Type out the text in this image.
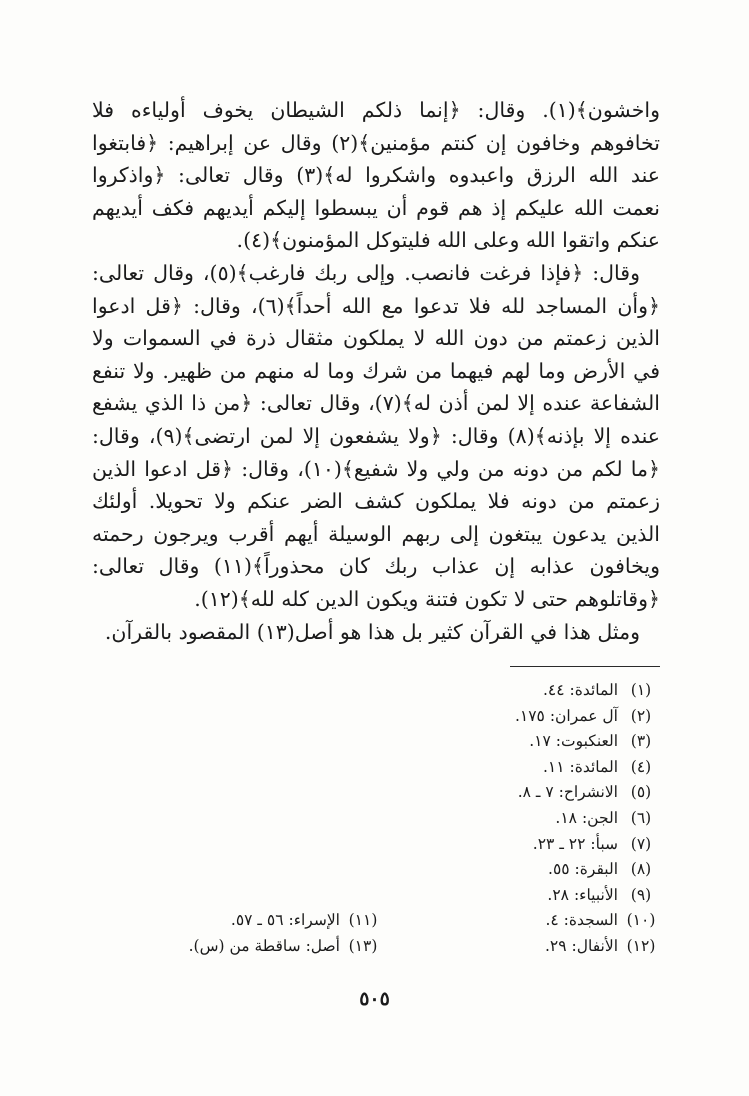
واخشون﴾(١). وقال: ﴿إنما ذلكم الشيطان يخوف أولياءه فلا تخافوهم وخافون إن كنتم مؤمنين﴾(٢) وقال عن إبراهيم: ﴿فابتغوا عند الله الرزق واعبدوه واشكروا له﴾(٣) وقال تعالى: ﴿واذكروا نعمت الله عليكم إذ هم قوم أن يبسطوا إليكم أيديهم فكف أيديهم عنكم واتقوا الله وعلى الله فليتوكل المؤمنون﴾(٤).

وقال: ﴿فإذا فرغت فانصب. وإلى ربك فارغب﴾(٥)، وقال تعالى: ﴿وأن المساجد لله فلا تدعوا مع الله أحداً﴾(٦)، وقال: ﴿قل ادعوا الذين زعمتم من دون الله لا يملكون مثقال ذرة في السموات ولا في الأرض وما لهم فيهما من شرك وما له منهم من ظهير. ولا تنفع الشفاعة عنده إلا لمن أذن له﴾(٧)، وقال تعالى: ﴿من ذا الذي يشفع عنده إلا بإذنه﴾(٨) وقال: ﴿ولا يشفعون إلا لمن ارتضى﴾(٩)، وقال: ﴿ما لكم من دونه من ولي ولا شفيع﴾(١٠)، وقال: ﴿قل ادعوا الذين زعمتم من دونه فلا يملكون كشف الضر عنكم ولا تحويلا. أولئك الذين يدعون يبتغون إلى ربهم الوسيلة أيهم أقرب ويرجون رحمته ويخافون عذابه إن عذاب ربك كان محذوراً﴾(١١) وقال تعالى: ﴿وقاتلوهم حتى لا تكون فتنة ويكون الدين كله لله﴾(١٢).

ومثل هذا في القرآن كثير بل هذا هو أصل(١٣) المقصود بالقرآن.

(١)
المائدة: ٤٤.
(٢)
آل عمران: ١٧٥.
(٣)
العنكبوت: ١٧.
(٤)
المائدة: ١١.
(٥)
الانشراح: ٧ ـ ٨.
(٦)
الجن: ١٨.
(٧)
سبأ: ٢٢ ـ ٢٣.
(٨)
البقرة: ٥٥.
(٩)
الأنبياء: ٢٨.
(١٠)
السجدة: ٤.
(١٢)
الأنفال: ٢٩.
(١١)
الإسراء: ٥٦ ـ ٥٧.
(١٣)
أصل: ساقطة من (س).
٥٠٥
